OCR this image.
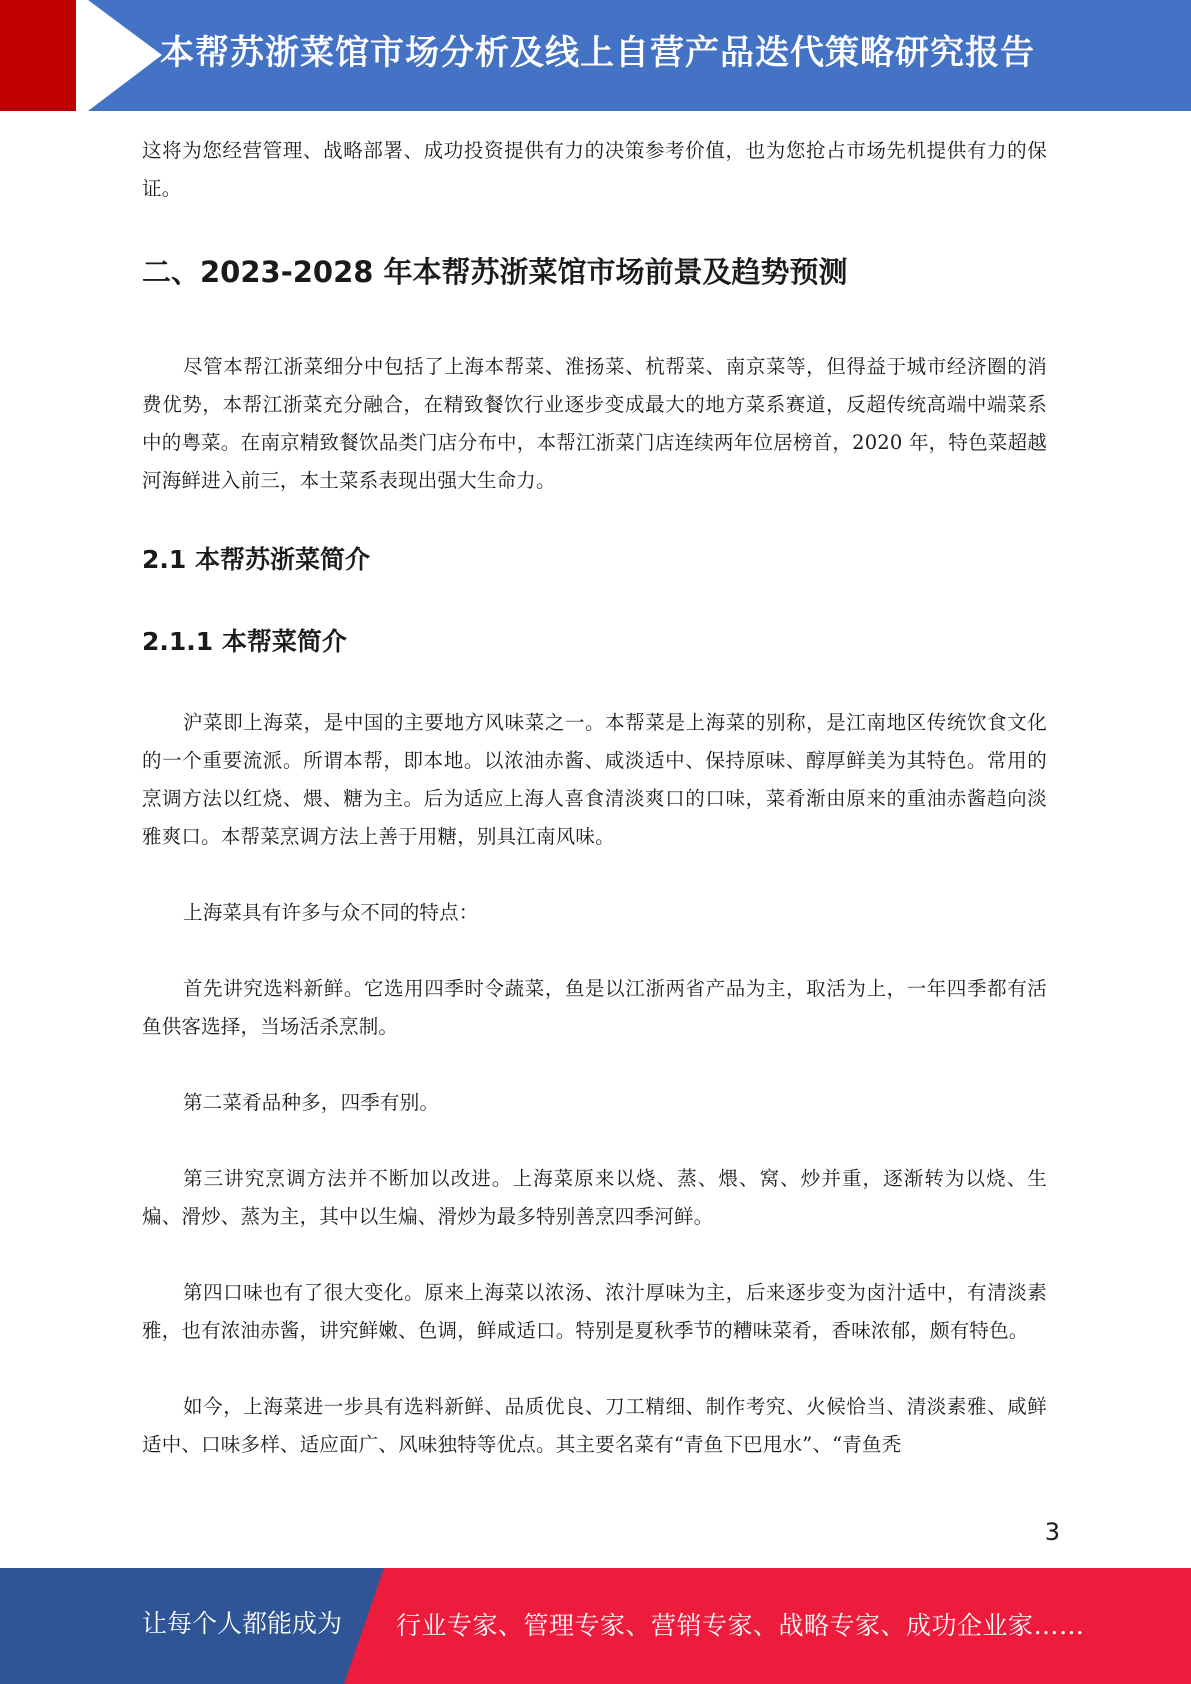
本帮苏浙菜馆市场分析及线上自营产品迭代策略研究报告

这将为您经营管理、战略部署、成功投资提供有力的决策参考价值，也为您抢占市场先机提供有力的保证。

二、2023-2028 年本帮苏浙菜馆市场前景及趋势预测

尽管本帮江浙菜细分中包括了上海本帮菜、淮扬菜、杭帮菜、南京菜等，但得益于城市经济圈的消费优势，本帮江浙菜充分融合，在精致餐饮行业逐步变成最大的地方菜系赛道，反超传统高端中端菜系中的粤菜。在南京精致餐饮品类门店分布中，本帮江浙菜门店连续两年位居榜首，2020 年，特色菜超越河海鲜进入前三，本土菜系表现出强大生命力。

2.1 本帮苏浙菜简介
2.1.1 本帮菜简介

沪菜即上海菜，是中国的主要地方风味菜之一。本帮菜是上海菜的别称，是江南地区传统饮食文化的一个重要流派。所谓本帮，即本地。以浓油赤酱、咸淡适中、保持原味、醇厚鲜美为其特色。常用的烹调方法以红烧、煨、糖为主。后为适应上海人喜食清淡爽口的口味，菜肴渐由原来的重油赤酱趋向淡雅爽口。本帮菜烹调方法上善于用糖，别具江南风味。

上海菜具有许多与众不同的特点：

首先讲究选料新鲜。它选用四季时令蔬菜，鱼是以江浙两省产品为主，取活为上，一年四季都有活鱼供客选择，当场活杀烹制。

第二菜肴品种多，四季有别。

第三讲究烹调方法并不断加以改进。上海菜原来以烧、蒸、煨、窝、炒并重，逐渐转为以烧、生煸、滑炒、蒸为主，其中以生煸、滑炒为最多特别善烹四季河鲜。

第四口味也有了很大变化。原来上海菜以浓汤、浓汁厚味为主，后来逐步变为卤汁适中，有清淡素雅，也有浓油赤酱，讲究鲜嫩、色调，鲜咸适口。特别是夏秋季节的糟味菜肴，香味浓郁，颇有特色。

如今，上海菜进一步具有选料新鲜、品质优良、刀工精细、制作考究、火候恰当、清淡素雅、咸鲜适中、口味多样、适应面广、风味独特等优点。其主要名菜有“青鱼下巴甩水”、“青鱼秃

3
让每个人都能成为 行业专家、管理专家、营销专家、战略专家、成功企业家……
